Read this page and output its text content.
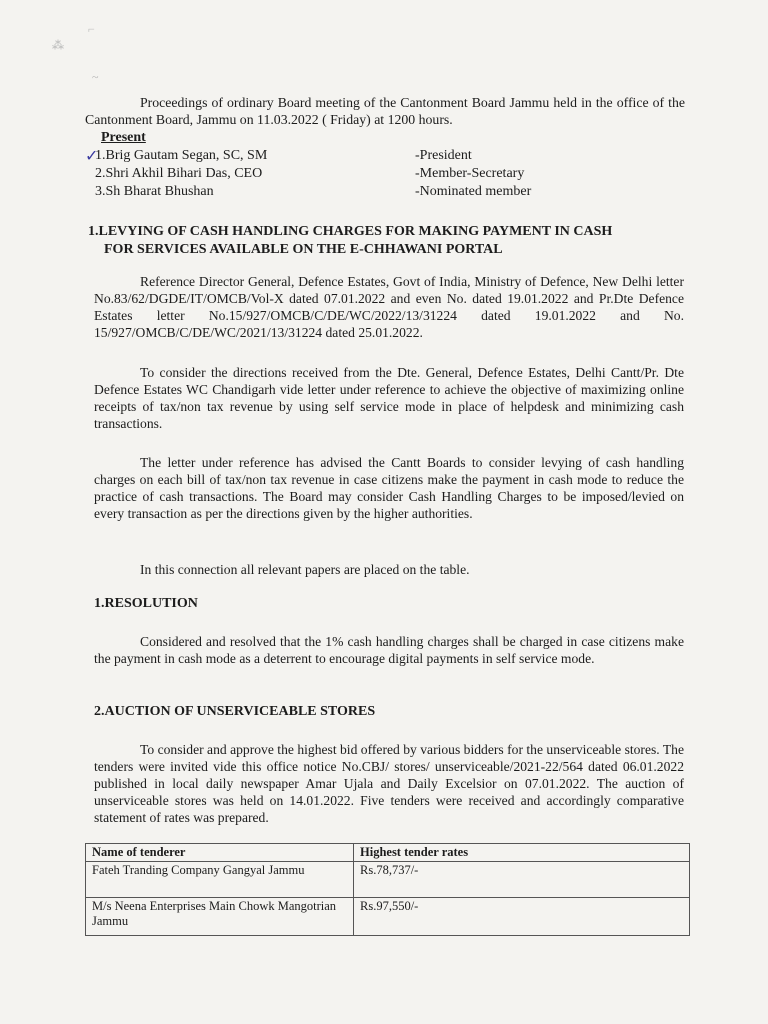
⌐
⁂
~

Proceedings of ordinary Board meeting of the Cantonment Board Jammu held in the office of the Cantonment Board, Jammu on 11.03.2022 ( Friday) at 1200 hours.

Present
✓
1.Brig Gautam Segan, SC, SM	-President
2.Shri Akhil Bihari Das, CEO	-Member-Secretary
3.Sh Bharat Bhushan	-Nominated member
1.LEVYING OF CASH HANDLING CHARGES FOR MAKING PAYMENT IN CASH
FOR SERVICES AVAILABLE ON THE E-CHHAWANI PORTAL

Reference Director General, Defence Estates, Govt of India, Ministry of Defence, New Delhi letter No.83/62/DGDE/IT/OMCB/Vol-X dated 07.01.2022 and even No. dated 19.01.2022 and Pr.Dte Defence Estates letter No.15/927/OMCB/C/DE/WC/2022/13/31224 dated 19.01.2022 and No. 15/927/OMCB/C/DE/WC/2021/13/31224 dated 25.01.2022.

To consider the directions received from the Dte. General, Defence Estates, Delhi Cantt/Pr. Dte Defence Estates WC Chandigarh vide letter under reference to achieve the objective of maximizing online receipts of tax/non tax revenue by using self service mode in place of helpdesk and minimizing cash transactions.

The letter under reference has advised the Cantt Boards to consider levying of cash handling charges on each bill of tax/non tax revenue in case citizens make the payment in cash mode to reduce the practice of cash transactions. The Board may consider Cash Handling Charges to be imposed/levied on every transaction as per the directions given by the higher authorities.

In this connection all relevant papers are placed on the table.

1.RESOLUTION

Considered and resolved that the 1% cash handling charges shall be charged in case citizens make the payment in cash mode as a deterrent to encourage digital payments in self service mode.

2.AUCTION OF UNSERVICEABLE STORES

To consider and approve the highest bid offered by various bidders for the unserviceable stores. The tenders were invited vide this office notice No.CBJ/ stores/ unserviceable/2021-22/564 dated 06.01.2022 published in local daily newspaper Amar Ujala and Daily Excelsior on 07.01.2022. The auction of unserviceable stores was held on 14.01.2022. Five tenders were received and accordingly comparative statement of rates was prepared.

Name of tenderer	Highest tender rates
Fateh Tranding Company Gangyal Jammu	Rs.78,737/-
M/s Neena Enterprises Main Chowk Mangotrian Jammu	Rs.97,550/-
